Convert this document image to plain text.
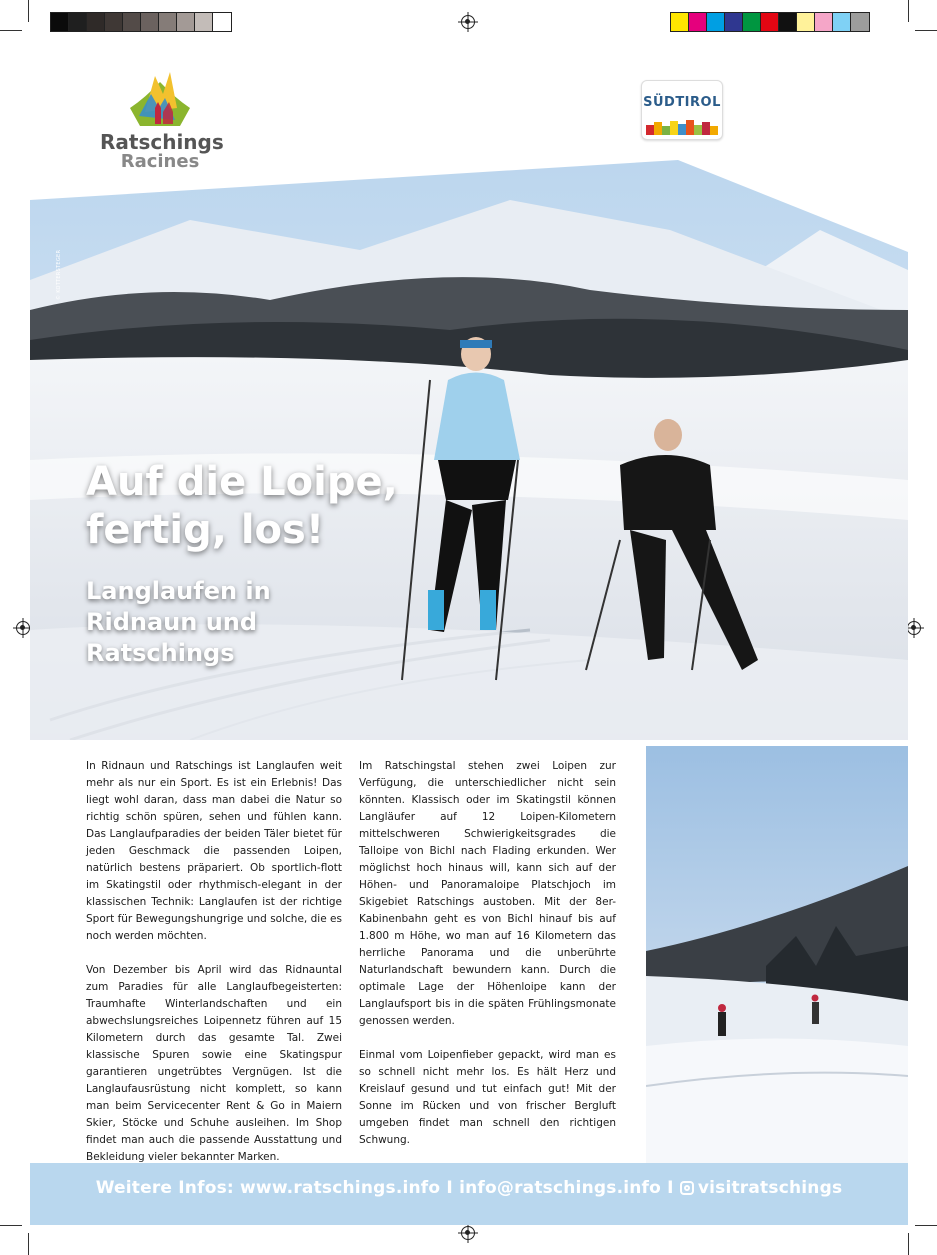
Ratschings
Racines
SÜDTIROL
© KOTTERSTEGER
Auf die Loipe,
fertig, los!
Langlaufen in
Ridnaun und
Ratschings

In Ridnaun und Ratschings ist Langlaufen weit mehr als nur ein Sport. Es ist ein Erlebnis! Das liegt wohl daran, dass man dabei die Natur so richtig schön spüren, sehen und fühlen kann. Das Langlaufparadies der beiden Täler bietet für jeden Geschmack die passenden Loipen, natürlich bestens präpariert. Ob sportlich-flott im Skatingstil oder rhythmisch-elegant in der klassischen Technik: Langlaufen ist der richtige Sport für Bewegungshungrige und solche, die es noch werden möchten.

Von Dezember bis April wird das Ridnauntal zum Paradies für alle Langlaufbegeisterten: Traumhafte Winterlandschaften und ein abwechslungsreiches Loipennetz führen auf 15 Kilometern durch das gesamte Tal. Zwei klassische Spuren sowie eine Skatingspur garantieren ungetrübtes Vergnügen. Ist die Langlaufausrüstung nicht komplett, so kann man beim Servicecenter Rent & Go in Maiern Skier, Stöcke und Schuhe ausleihen. Im Shop findet man auch die passende Ausstattung und Bekleidung vieler bekannter Marken.

Im Ratschingstal stehen zwei Loipen zur Verfügung, die unterschiedlicher nicht sein könnten. Klassisch oder im Skatingstil können Langläufer auf 12 Loipen-Kilometern mittelschweren Schwierigkeitsgrades die Talloipe von Bichl nach Flading erkunden. Wer möglichst hoch hinaus will, kann sich auf der Höhen- und Panoramaloipe Platschjoch im Skigebiet Ratschings austoben. Mit der 8er-Kabinenbahn geht es von Bichl hinauf bis auf 1.800 m Höhe, wo man auf 16 Kilometern das herrliche Panorama und die unberührte Naturlandschaft bewundern kann. Durch die optimale Lage der Höhenloipe kann der Langlaufsport bis in die späten Frühlingsmonate genossen werden.

Einmal vom Loipenfieber gepackt, wird man es so schnell nicht mehr los. Es hält Herz und Kreislauf gesund und tut einfach gut! Mit der Sonne im Rücken und von frischer Bergluft umgeben findet man schnell den richtigen Schwung.

Weitere Infos: www.ratschings.info I info@ratschings.info I visitratschings
